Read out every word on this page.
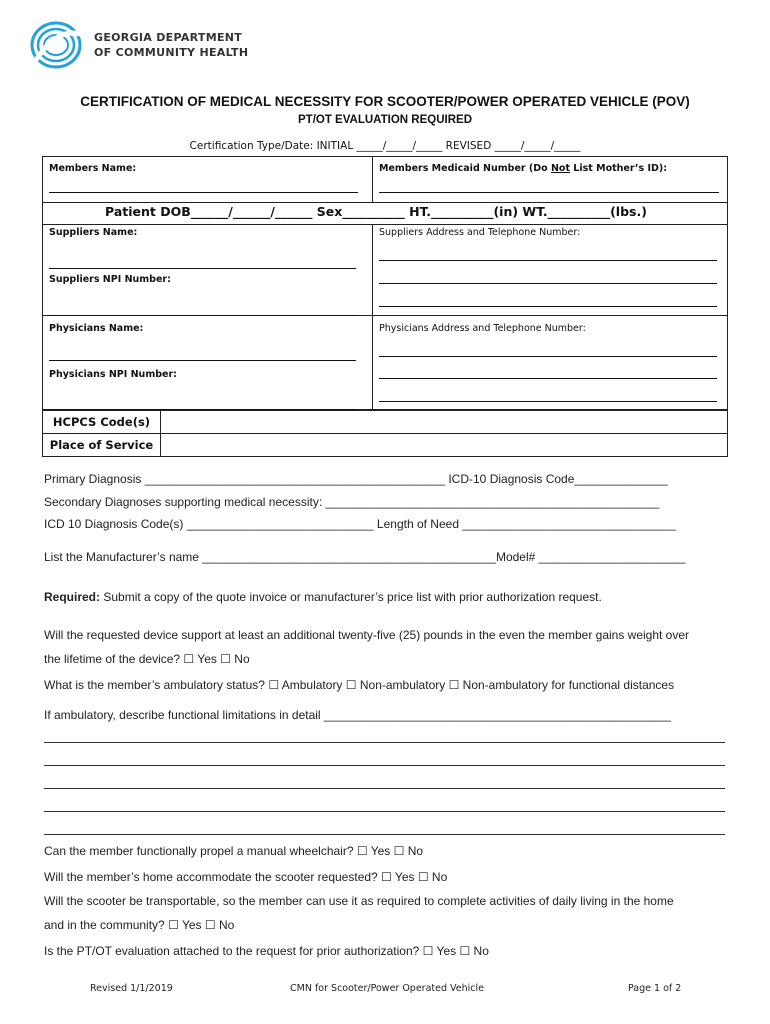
GEORGIA DEPARTMENT
OF COMMUNITY HEALTH
CERTIFICATION OF MEDICAL NECESSITY FOR SCOOTER/POWER OPERATED VEHICLE (POV)
PT/OT EVALUATION REQUIRED
Certification Type/Date: INITIAL _____/_____/_____ REVISED _____/_____/_____
Members Name:	Members Medicaid Number (Do Not List Mother’s ID):
Patient DOB______/______/______ Sex__________ HT.__________(in) WT.__________(lbs.)
Suppliers Name:
Suppliers NPI Number:
Suppliers Address and Telephone Number:
Physicians Name:
Physicians NPI Number:
Physicians Address and Telephone Number:
HCPCS Code(s)
Place of Service
Primary Diagnosis _____________________________________________ ICD-10 Diagnosis Code______________
Secondary Diagnoses supporting medical necessity: __________________________________________________
ICD 10 Diagnosis Code(s) ____________________________ Length of Need ________________________________
List the Manufacturer’s name ____________________________________________Model# ______________________
Required: Submit a copy of the quote invoice or manufacturer’s price list with prior authorization request.
Will the requested device support at least an additional twenty-five (25) pounds in the even the member gains weight over
the lifetime of the device? ☐ Yes ☐ No
What is the member’s ambulatory status? ☐ Ambulatory ☐ Non-ambulatory ☐ Non-ambulatory for functional distances
If ambulatory, describe functional limitations in detail ____________________________________________________
Can the member functionally propel a manual wheelchair? ☐ Yes ☐ No
Will the member’s home accommodate the scooter requested? ☐ Yes ☐ No
Will the scooter be transportable, so the member can use it as required to complete activities of daily living in the home
and in the community? ☐ Yes ☐ No
Is the PT/OT evaluation attached to the request for prior authorization? ☐ Yes ☐ No
Revised 1/1/2019	CMN for Scooter/Power Operated Vehicle	Page 1 of 2
